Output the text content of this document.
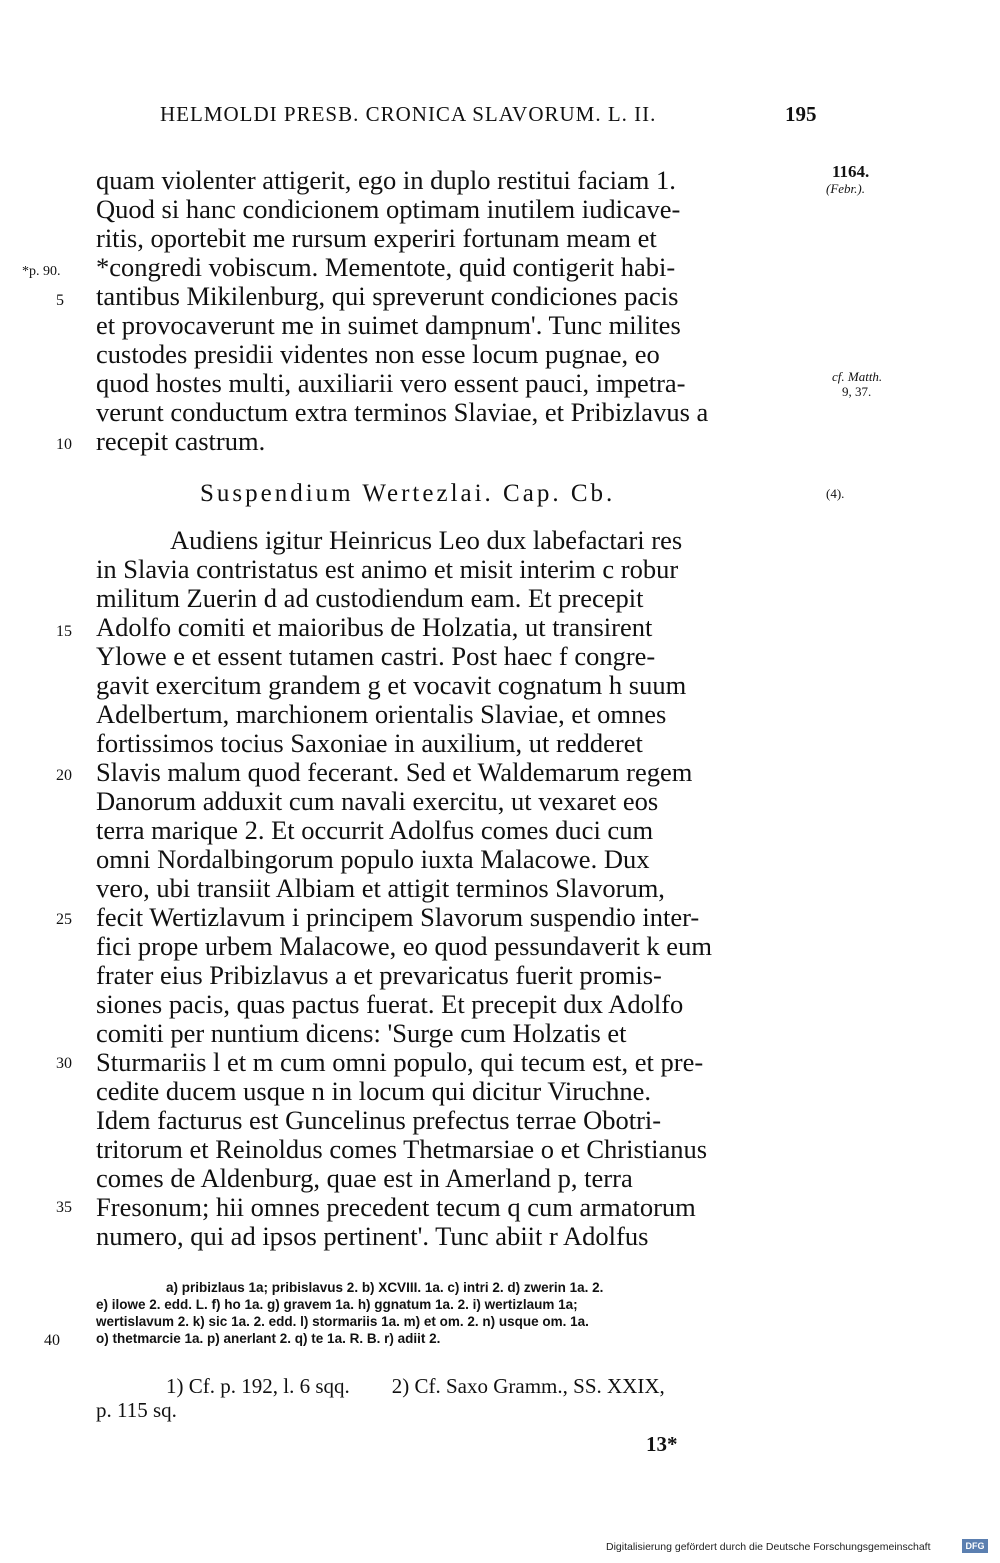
HELMOLDI PRESB. CRONICA SLAVORUM. L. II.	195
1164.
(Febr.).
*p. 90.
cf. Matth.
9, 37.
5
10
15
20
25
30
35
40
quam violenter attigerit, ego in duplo restitui faciam 1.
Quod si hanc condicionem optimam inutilem iudicave-
ritis, oportebit me rursum experiri fortunam meam et
*congredi vobiscum. Mementote, quid contigerit habi-
tantibus Mikilenburg, qui spreverunt condiciones pacis
et provocaverunt me in suimet dampnum'. Tunc milites
custodes presidii videntes non esse locum pugnae, eo
quod hostes multi, auxiliarii vero essent pauci, impetra-
verunt conductum extra terminos Slaviae, et Pribizlavus a
recepit castrum.
Suspendium Wertezlai. Cap. Cb.	(4).
Audiens igitur Heinricus Leo dux labefactari res
in Slavia contristatus est animo et misit interim c robur
militum Zuerin d ad custodiendum eam. Et precepit
Adolfo comiti et maioribus de Holzatia, ut transirent
Ylowe e et essent tutamen castri. Post haec f congre-
gavit exercitum grandem g et vocavit cognatum h suum
Adelbertum, marchionem orientalis Slaviae, et omnes
fortissimos tocius Saxoniae in auxilium, ut redderet
Slavis malum quod fecerant. Sed et Waldemarum regem
Danorum adduxit cum navali exercitu, ut vexaret eos
terra marique 2. Et occurrit Adolfus comes duci cum
omni Nordalbingorum populo iuxta Malacowe. Dux
vero, ubi transiit Albiam et attigit terminos Slavorum,
fecit Wertizlavum i principem Slavorum suspendio inter-
fici prope urbem Malacowe, eo quod pessundaverit k eum
frater eius Pribizlavus a et prevaricatus fuerit promis-
siones pacis, quas pactus fuerat. Et precepit dux Adolfo
comiti per nuntium dicens: 'Surge cum Holzatis et
Sturmariis l et m cum omni populo, qui tecum est, et pre-
cedite ducem usque n in locum qui dicitur Viruchne.
Idem facturus est Guncelinus prefectus terrae Obotri-
tritorum et Reinoldus comes Thetmarsiae o et Christianus
comes de Aldenburg, quae est in Amerland p, terra
Fresonum; hii omnes precedent tecum q cum armatorum
numero, qui ad ipsos pertinent'. Tunc abiit r Adolfus
a) pribizlaus 1a; pribislavus 2. b) XCVIII. 1a. c) intri 2. d) zwerin 1a. 2.
e) ilowe 2. edd. L. f) ho 1a. g) gravem 1a. h) ggnatum 1a. 2. i) wertizlaum 1a;
wertislavum 2. k) sic 1a. 2. edd. l) stormariis 1a. m) et om. 2. n) usque om. 1a.
o) thetmarcie 1a. p) anerlant 2. q) te 1a. R. B. r) adiit 2.
1) Cf. p. 192, l. 6 sqq.        2) Cf. Saxo Gramm., SS. XXIX,
p. 115 sq.
13*
Digitalisierung gefördert durch die Deutsche Forschungsgemeinschaft	DFG
